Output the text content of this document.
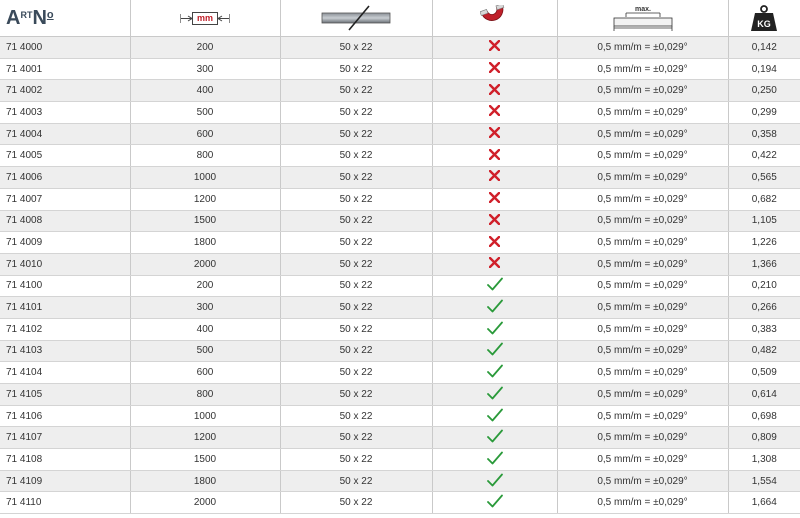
A RT N o	mm			max.	KG

71 4000	200	50 x 22		0,5 mm/m = ±0,029°	0,142
71 4001	300	50 x 22		0,5 mm/m = ±0,029°	0,194
71 4002	400	50 x 22		0,5 mm/m = ±0,029°	0,250
71 4003	500	50 x 22		0,5 mm/m = ±0,029°	0,299
71 4004	600	50 x 22		0,5 mm/m = ±0,029°	0,358
71 4005	800	50 x 22		0,5 mm/m = ±0,029°	0,422
71 4006	1000	50 x 22		0,5 mm/m = ±0,029°	0,565
71 4007	1200	50 x 22		0,5 mm/m = ±0,029°	0,682
71 4008	1500	50 x 22		0,5 mm/m = ±0,029°	1,105
71 4009	1800	50 x 22		0,5 mm/m = ±0,029°	1,226
71 4010	2000	50 x 22		0,5 mm/m = ±0,029°	1,366
71 4100	200	50 x 22		0,5 mm/m = ±0,029°	0,210
71 4101	300	50 x 22		0,5 mm/m = ±0,029°	0,266
71 4102	400	50 x 22		0,5 mm/m = ±0,029°	0,383
71 4103	500	50 x 22		0,5 mm/m = ±0,029°	0,482
71 4104	600	50 x 22		0,5 mm/m = ±0,029°	0,509
71 4105	800	50 x 22		0,5 mm/m = ±0,029°	0,614
71 4106	1000	50 x 22		0,5 mm/m = ±0,029°	0,698
71 4107	1200	50 x 22		0,5 mm/m = ±0,029°	0,809
71 4108	1500	50 x 22		0,5 mm/m = ±0,029°	1,308
71 4109	1800	50 x 22		0,5 mm/m = ±0,029°	1,554
71 4110	2000	50 x 22		0,5 mm/m = ±0,029°	1,664
